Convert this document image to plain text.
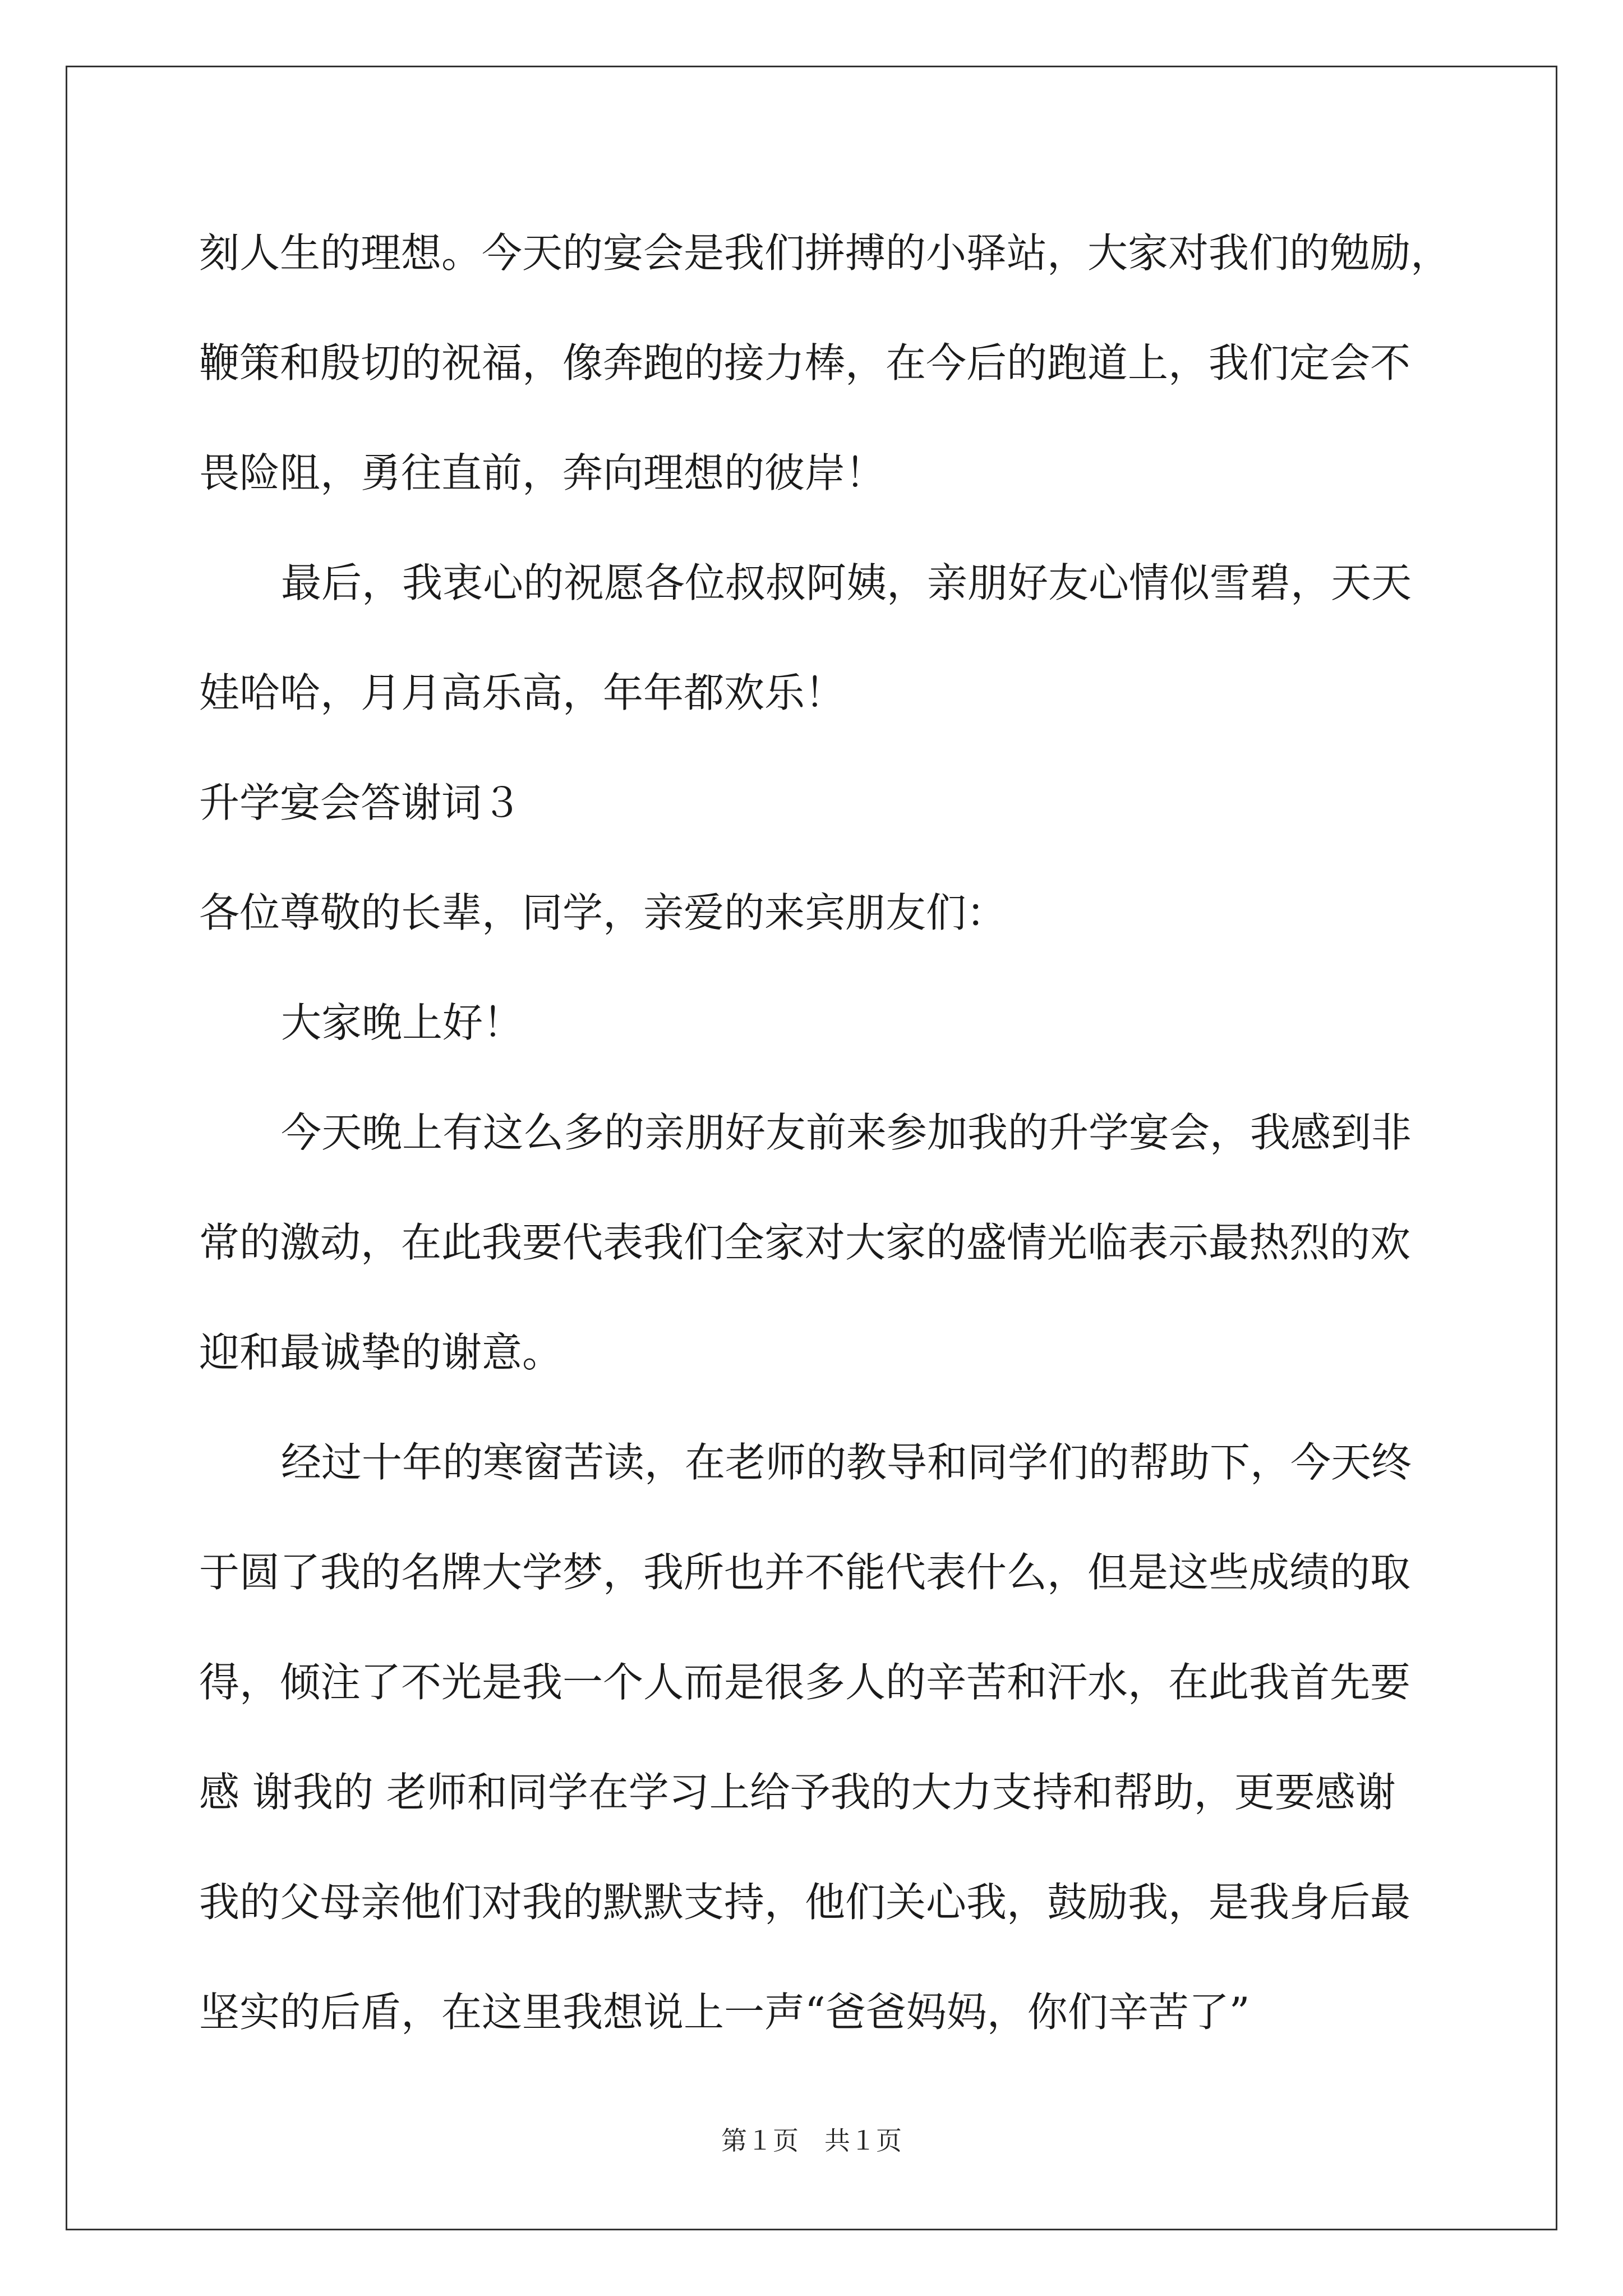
刻人生的理想。今天的宴会是我们拼搏的小驿站，大家对我们的勉励，
鞭策和殷切的祝福，像奔跑的接力棒，在今后的跑道上，我们定会不
畏险阻，勇往直前，奔向理想的彼岸！
最后，我衷心的祝愿各位叔叔阿姨，亲朋好友心情似雪碧，天天
娃哈哈，月月高乐高，年年都欢乐！
升学宴会答谢词３
各位尊敬的长辈，同学，亲爱的来宾朋友们：
大家晚上好！
今天晚上有这么多的亲朋好友前来参加我的升学宴会，我感到非
常的激动，在此我要代表我们全家对大家的盛情光临表示最热烈的欢
迎和最诚挚的谢意。
经过十年的寒窗苦读，在老师的教导和同学们的帮助下，今天终
于圆了我的名牌大学梦，我所也并不能代表什么，但是这些成绩的取
得，倾注了不光是我一个人而是很多人的辛苦和汗水，在此我首先要
感 谢我的 老师和同学在学习上给予我的大力支持和帮助，更要感谢
我的父母亲他们对我的默默支持，他们关心我，鼓励我，是我身后最
坚实的后盾，在这里我想说上一声“爸爸妈妈，你们辛苦了”
第１页 共１页
